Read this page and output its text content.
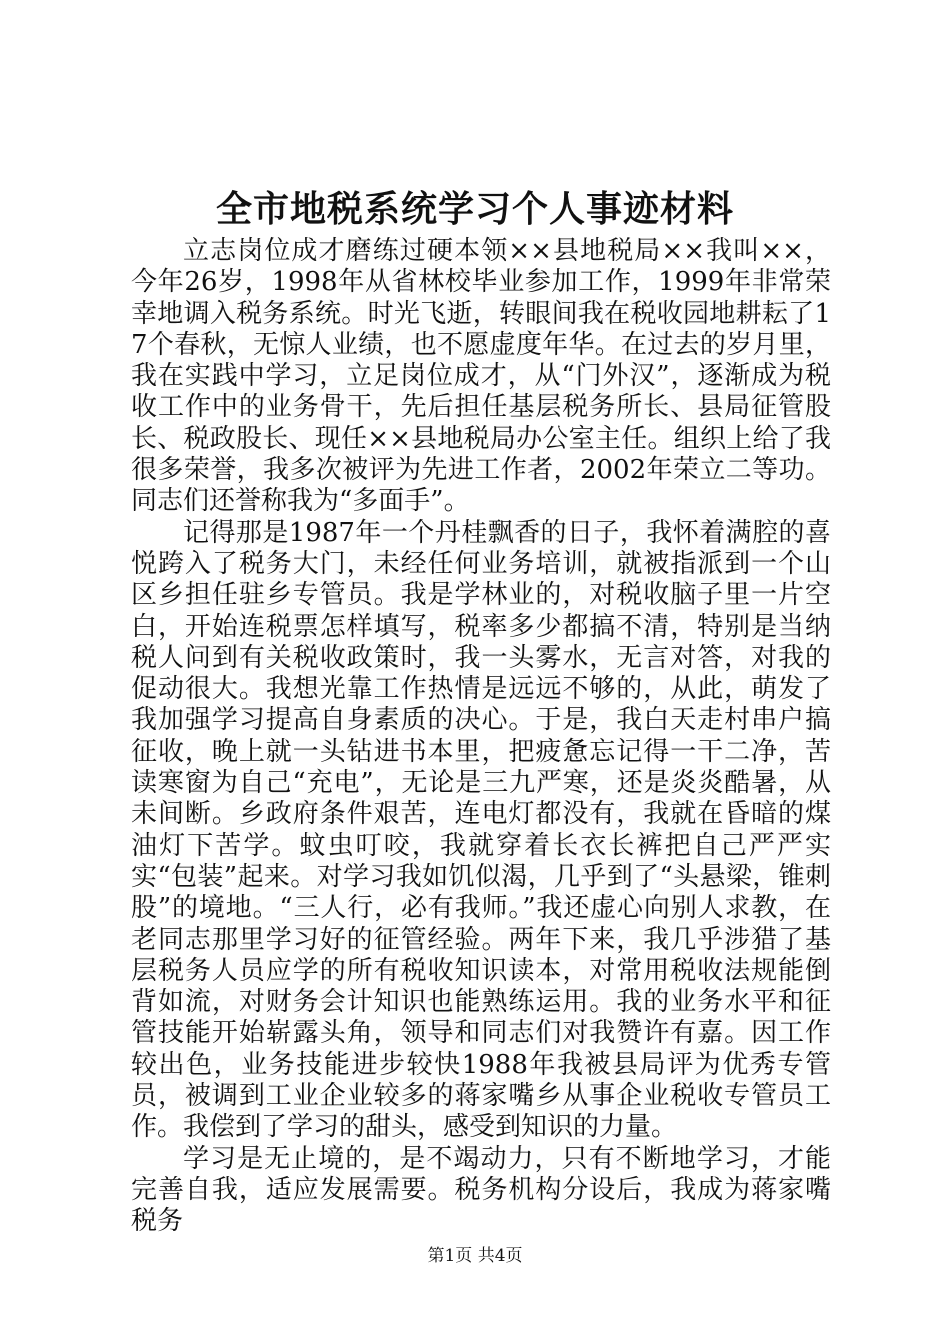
全市地税系统学习个人事迹材料

立志岗位成才磨练过硬本领××县地税局××我叫××，今年26岁，1998年从省林校毕业参加工作，1999年非常荣幸地调入税务系统。时光飞逝，转眼间我在税收园地耕耘了17个春秋，无惊人业绩，也不愿虚度年华。在过去的岁月里，我在实践中学习，立足岗位成才，从“门外汉”，逐渐成为税收工作中的业务骨干，先后担任基层税务所长、县局征管股长、税政股长、现任××县地税局办公室主任。组织上给了我很多荣誉，我多次被评为先进工作者，2002年荣立二等功。同志们还誉称我为“多面手”。

记得那是1987年一个丹桂飘香的日子，我怀着满腔的喜悦跨入了税务大门，未经任何业务培训，就被指派到一个山区乡担任驻乡专管员。我是学林业的，对税收脑子里一片空白，开始连税票怎样填写，税率多少都搞不清，特别是当纳税人问到有关税收政策时，我一头雾水，无言对答，对我的促动很大。我想光靠工作热情是远远不够的，从此，萌发了我加强学习提高自身素质的决心。于是，我白天走村串户搞征收，晚上就一头钻进书本里，把疲惫忘记得一干二净，苦读寒窗为自己“充电”，无论是三九严寒，还是炎炎酷暑，从未间断。乡政府条件艰苦，连电灯都没有，我就在昏暗的煤油灯下苦学。蚊虫叮咬，我就穿着长衣长裤把自己严严实实“包装”起来。对学习我如饥似渴，几乎到了“头悬梁，锥刺股”的境地。“三人行，必有我师。”我还虚心向别人求教，在老同志那里学习好的征管经验。两年下来，我几乎涉猎了基层税务人员应学的所有税收知识读本，对常用税收法规能倒背如流，对财务会计知识也能熟练运用。我的业务水平和征管技能开始崭露头角，领导和同志们对我赞许有嘉。因工作较出色，业务技能进步较快1988年我被县局评为优秀专管员，被调到工业企业较多的蒋家嘴乡从事企业税收专管员工作。我偿到了学习的甜头，感受到知识的力量。

学习是无止境的，是不竭动力，只有不断地学习，才能完善自我，适应发展需要。税务机构分设后，我成为蒋家嘴税务

第1页 共4页
